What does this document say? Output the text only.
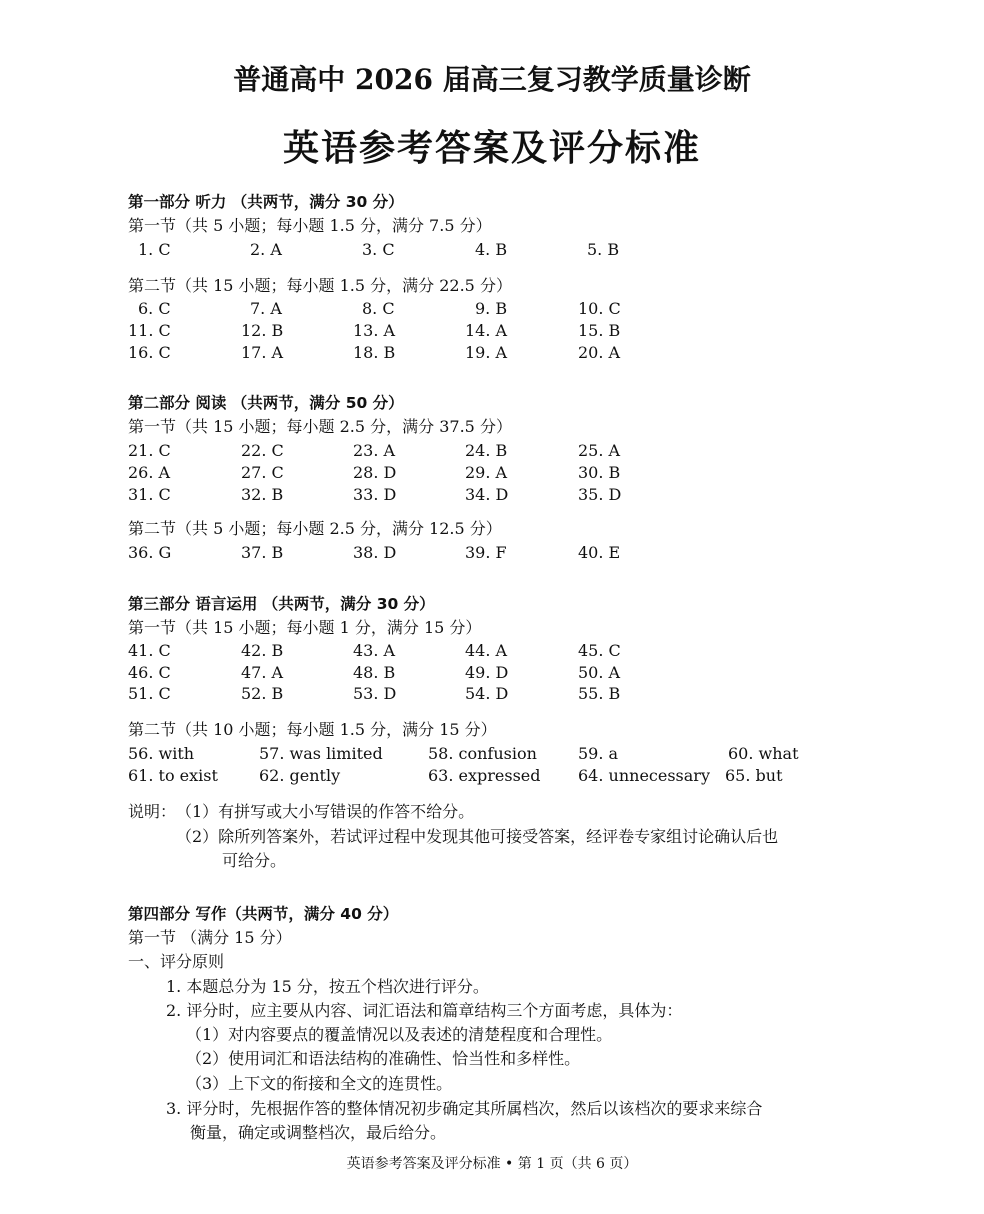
普通高中 2026 届高三复习教学质量诊断
英语参考答案及评分标准
第一部分 听力 （共两节，满分 30 分）
第一节（共 5 小题；每小题 1.5 分，满分 7.5 分）
1. C	2. A	3. C	4. B	5. B
第二节（共 15 小题；每小题 1.5 分，满分 22.5 分）
6. C	7. A	8. C	9. B	10. C
11. C	12. B	13. A	14. A	15. B
16. C	17. A	18. B	19. A	20. A
第二部分 阅读 （共两节，满分 50 分）
第一节（共 15 小题；每小题 2.5 分，满分 37.5 分）
21. C	22. C	23. A	24. B	25. A
26. A	27. C	28. D	29. A	30. B
31. C	32. B	33. D	34. D	35. D
第二节（共 5 小题；每小题 2.5 分，满分 12.5 分）
36. G	37. B	38. D	39. F	40. E
第三部分 语言运用 （共两节，满分 30 分）
第一节（共 15 小题；每小题 1 分，满分 15 分）
41. C	42. B	43. A	44. A	45. C
46. C	47. A	48. B	49. D	50. A
51. C	52. B	53. D	54. D	55. B
第二节（共 10 小题；每小题 1.5 分，满分 15 分）
56. with	57. was limited	58. confusion	59. a	60. what
61. to exist	62. gently	63. expressed 64. unnecessary 65. but
说明： （1）有拼写或大小写错误的作答不给分。
（2）除所列答案外，若试评过程中发现其他可接受答案，经评卷专家组讨论确认后也
可给分。
第四部分 写作（共两节，满分 40 分）
第一节 （满分 15 分）
一、评分原则
1. 本题总分为 15 分，按五个档次进行评分。
2. 评分时，应主要从内容、词汇语法和篇章结构三个方面考虑，具体为：
（1）对内容要点的覆盖情况以及表述的清楚程度和合理性。
（2）使用词汇和语法结构的准确性、恰当性和多样性。
（3）上下文的衔接和全文的连贯性。
3. 评分时，先根据作答的整体情况初步确定其所属档次，然后以该档次的要求来综合
衡量，确定或调整档次，最后给分。
英语参考答案及评分标准 • 第 1 页（共 6 页）
